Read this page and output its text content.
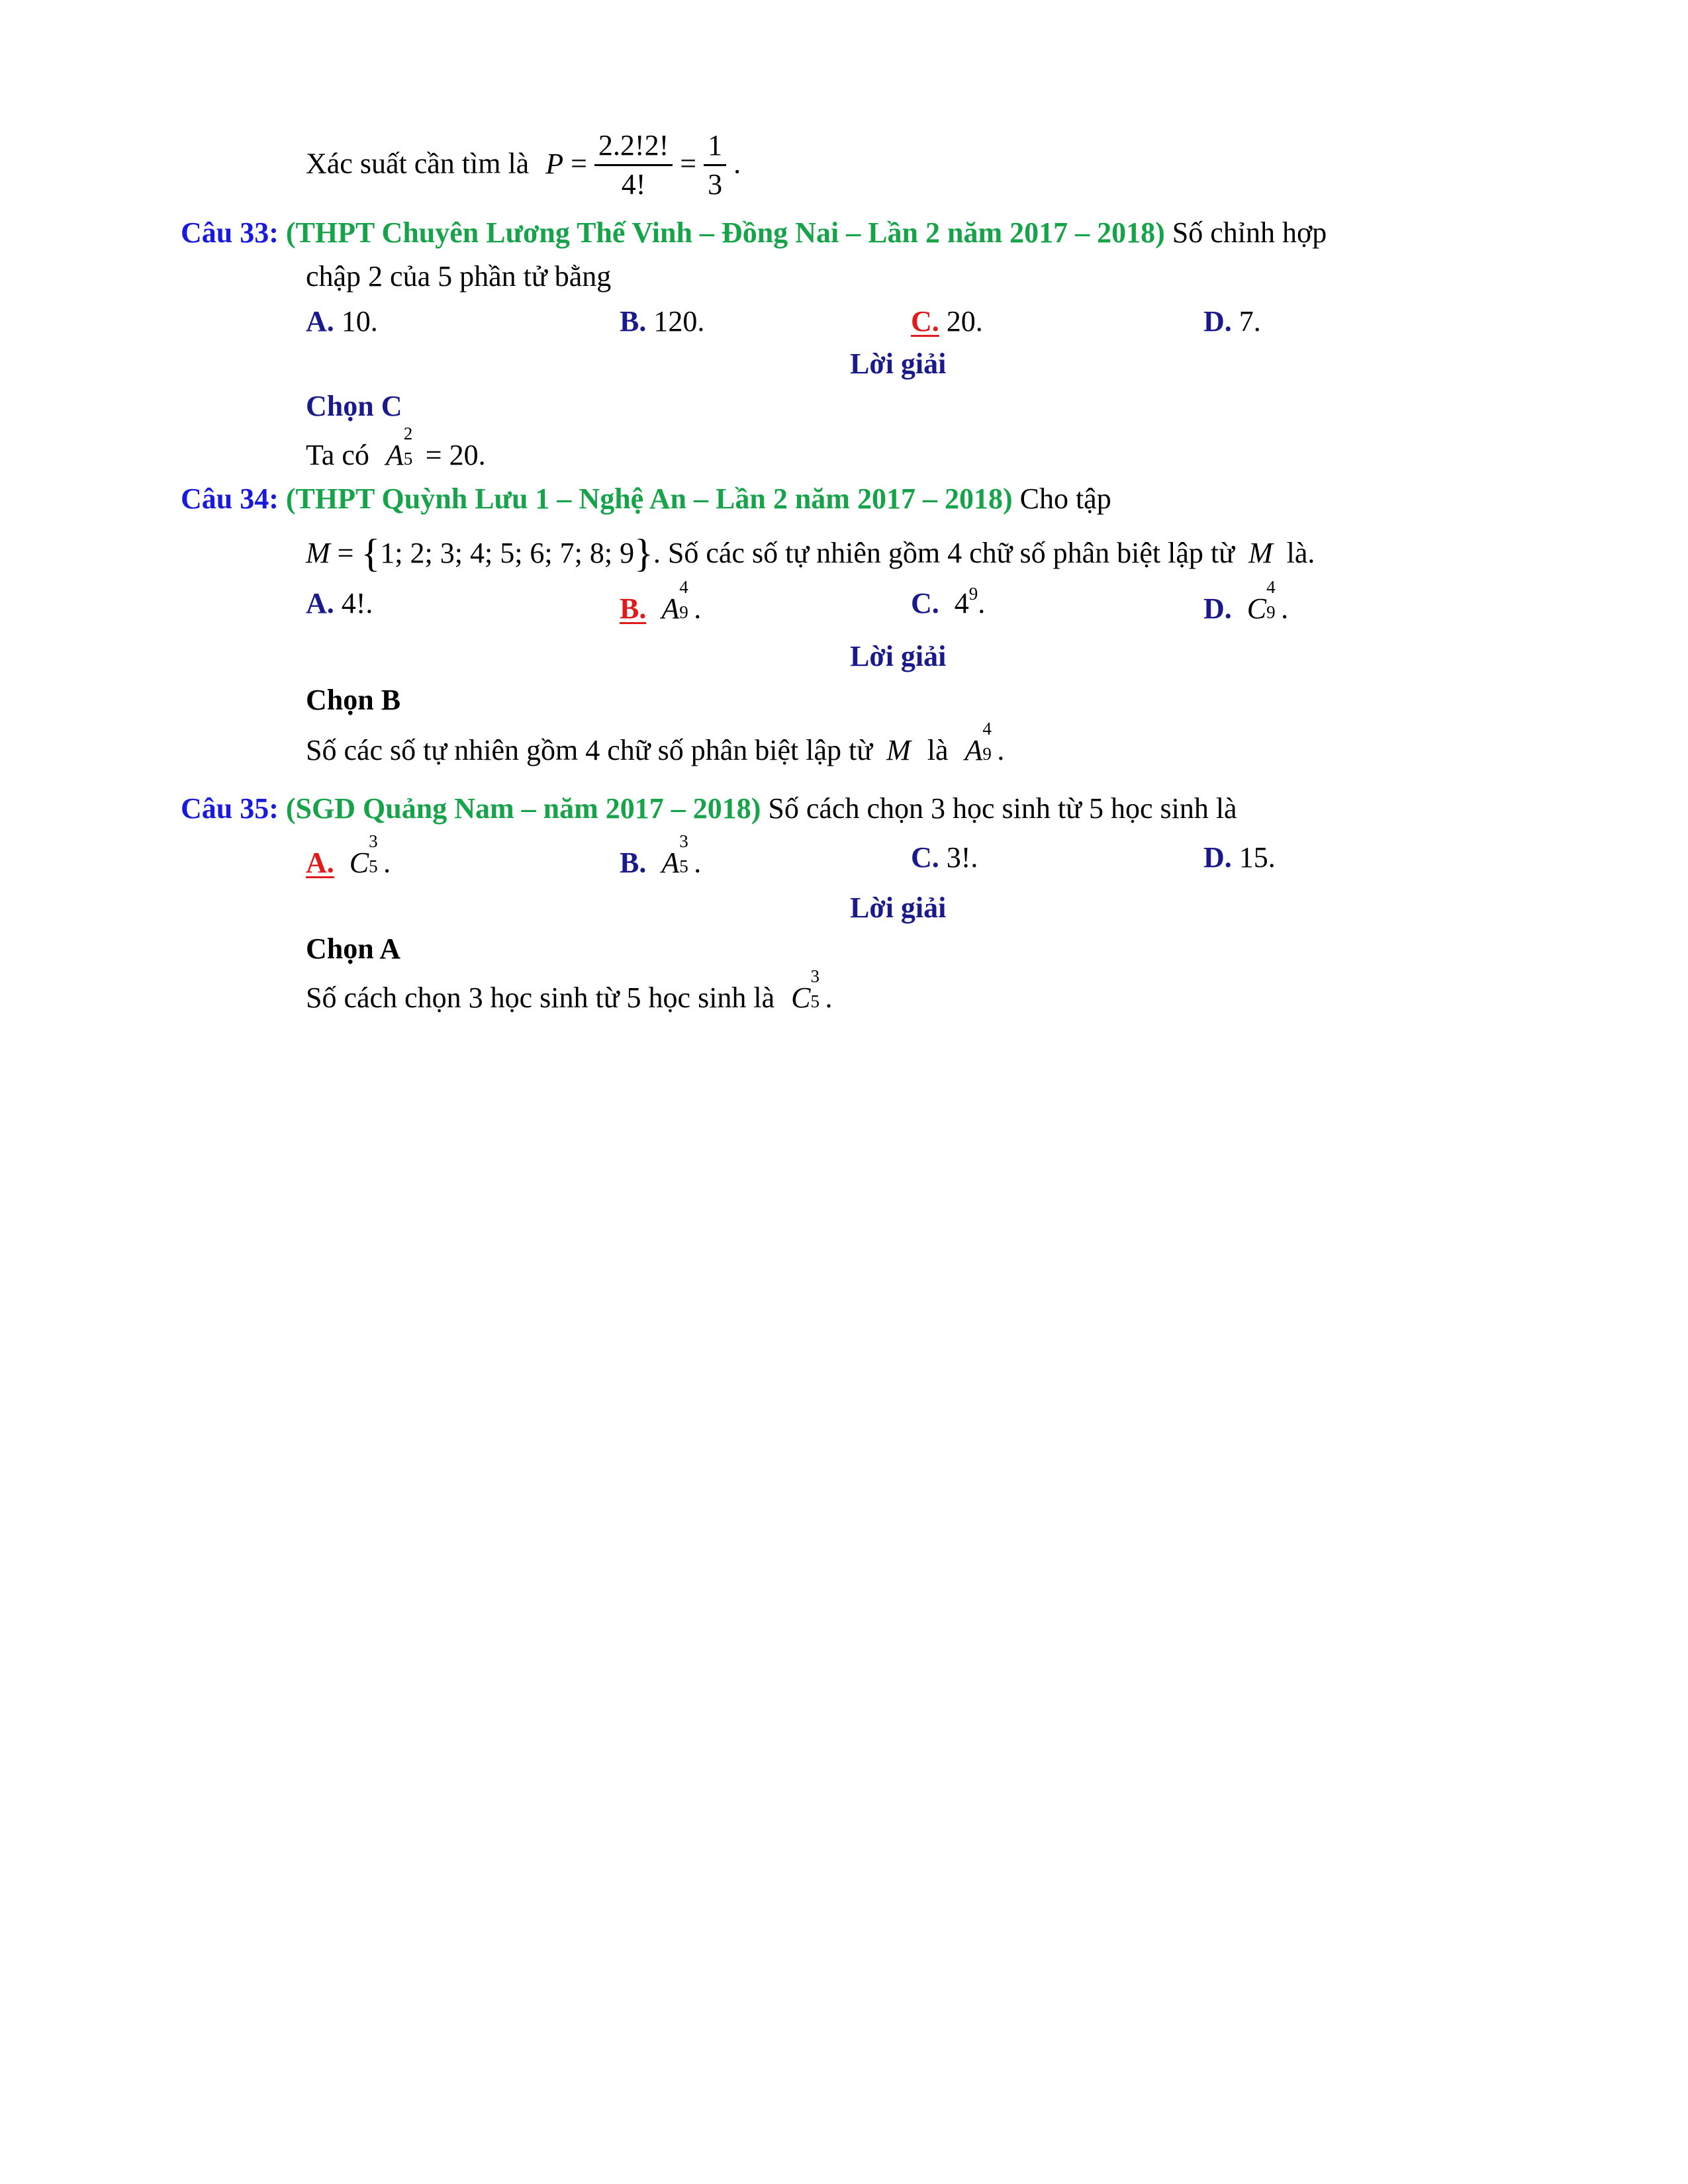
Xác suất cần tìm là $P = \frac{2.2!2!}{4!} = \frac{1}{3}$ .
Câu 33: (THPT Chuyên Lương Thế Vinh – Đồng Nai – Lần 2 năm 2017 – 2018) Số chỉnh hợp
chập 2 của 5 phần tử bằng
A. 10.	B. 120.	C. 20.	D. 7.
Lời giải
Chọn C
Ta có A
2
5 = 20.
Câu 34: (THPT Quỳnh Lưu 1 – Nghệ An – Lần 2 năm 2017 – 2018) Cho tập
M = {1; 2; 3; 4; 5; 6; 7; 8; 9}. Số các số tự nhiên gồm 4 chữ số phân biệt lập từ M là.
A. 4!.	B. A
4
9 .	C. $4^9$.	D. C
4
9 .
Lời giải
Chọn B
Số các số tự nhiên gồm 4 chữ số phân biệt lập từ M là A
4
9 .
Câu 35: (SGD Quảng Nam – năm 2017 – 2018) Số cách chọn 3 học sinh từ 5 học sinh là
A. C
3
5 .	B. A
3
5 .	C. 3!.	D. 15.
Lời giải
Chọn A
Số cách chọn 3 học sinh từ 5 học sinh là C
3
5 .
